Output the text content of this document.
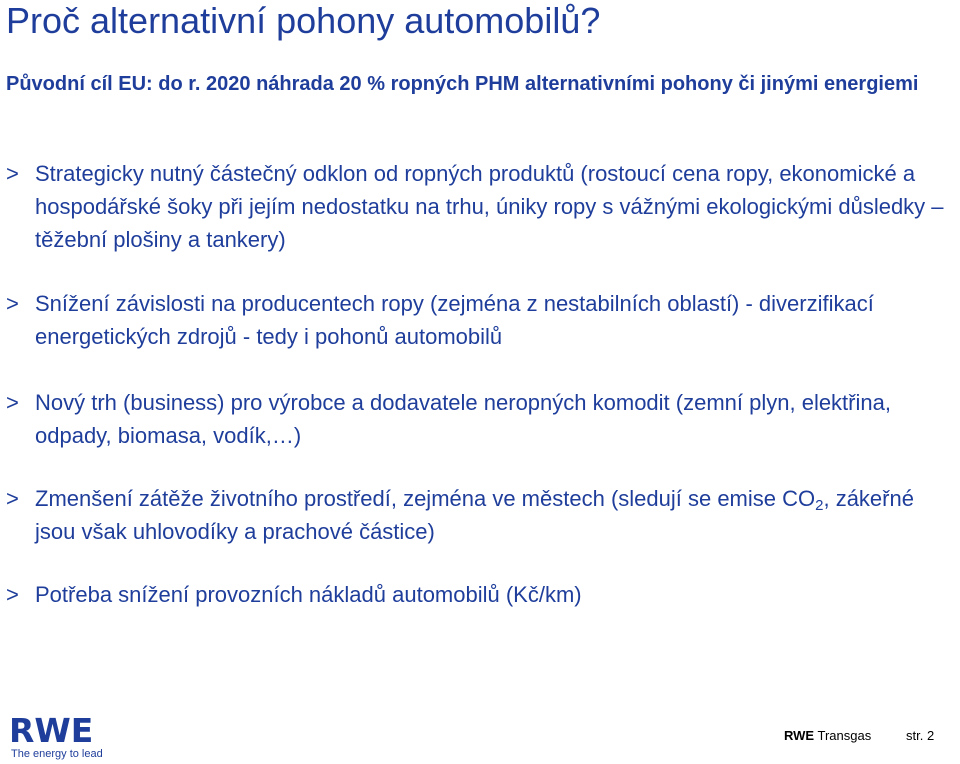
Proč alternativní pohony automobilů?
Původní cíl EU: do r. 2020 náhrada 20 % ropných PHM alternativními pohony či jinými energiemi
> Strategicky nutný částečný odklon od ropných produktů (rostoucí cena ropy, ekonomické a hospodářské šoky při jejím nedostatku na trhu, úniky ropy s vážnými ekologickými důsledky – těžební plošiny a tankery)
> Snížení závislosti na producentech ropy (zejména z nestabilních oblastí) - diverzifikací energetických zdrojů - tedy i pohonů automobilů
> Nový trh (business) pro výrobce a dodavatele neropných komodit (zemní plyn, elektřina, odpady, biomasa, vodík,…)
> Zmenšení zátěže životního prostředí, zejména ve městech (sledují se emise $CO_2$, zákeřné jsou však uhlovodíky a prachové částice)
> Potřeba snížení provozních nákladů automobilů (Kč/km)
RWE
The energy to lead
RWE Transgas	str. 2
